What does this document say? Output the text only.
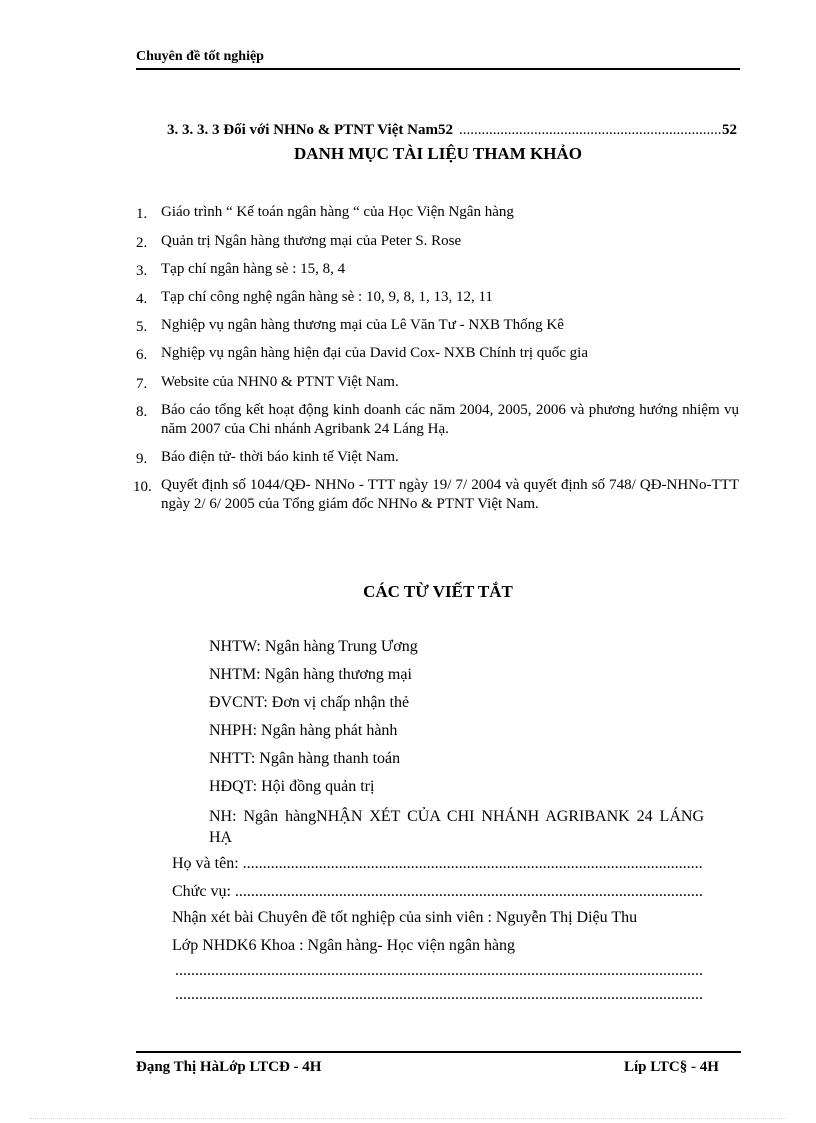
Chuyên đề tốt nghiệp
3. 3. 3. 3 Đối với NHNo & PTNT Việt Nam52
.....	52
DANH MỤC TÀI LIỆU THAM KHẢO
1. Giáo trình “ Kế toán ngân hàng “ của Học Viện Ngân hàng
2. Quản trị Ngân hàng thương mại của Peter S. Rose
3. Tạp chí ngân hàng sè : 15, 8, 4
4. Tạp chí công nghệ ngân hàng sè : 10, 9, 8, 1, 13, 12, 11
5. Nghiệp vụ ngân hàng thương mại của Lê Văn Tư - NXB Thống Kê
6. Nghiệp vụ ngân hàng hiện đại của David Cox- NXB Chính trị quốc gia
7. Website của NHN0 & PTNT Việt Nam.
8. Báo cáo tổng kết hoạt động kinh doanh các năm 2004, 2005, 2006 và phương hướng nhiệm vụ năm 2007 của Chi nhánh Agribank 24 Láng Hạ.
9. Báo điện tử- thời báo kinh tế Việt Nam.
10. Quyết định số 1044/QĐ- NHNo - TTT ngày 19/ 7/ 2004 và quyết định số 748/ QĐ-NHNo-TTT ngày 2/ 6/ 2005 của Tổng giám đốc NHNo & PTNT Việt Nam.
CÁC TỪ VIẾT TẮT
NHTW: Ngân hàng Trung Ương
NHTM: Ngân hàng thương mại
ĐVCNT: Đơn vị chấp nhận thẻ
NHPH: Ngân hàng phát hành
NHTT: Ngân hàng thanh toán
HĐQT: Hội đồng quản trị
NH: Ngân hàngNHẬN XÉT CỦA CHI NHÁNH AGRIBANK 24 LÁNG HẠ
Họ và tên:
.....
Chức vụ:
.....
Nhận xét bài Chuyên đề tốt nghiệp của sinh viên : Nguyễn Thị Diệu Thu
Lớp NHDK6 Khoa : Ngân hàng- Học viện ngân hàng
.....
.....
Đạng Thị HàLớp LTCĐ - 4H	Líp LTC§ - 4H
